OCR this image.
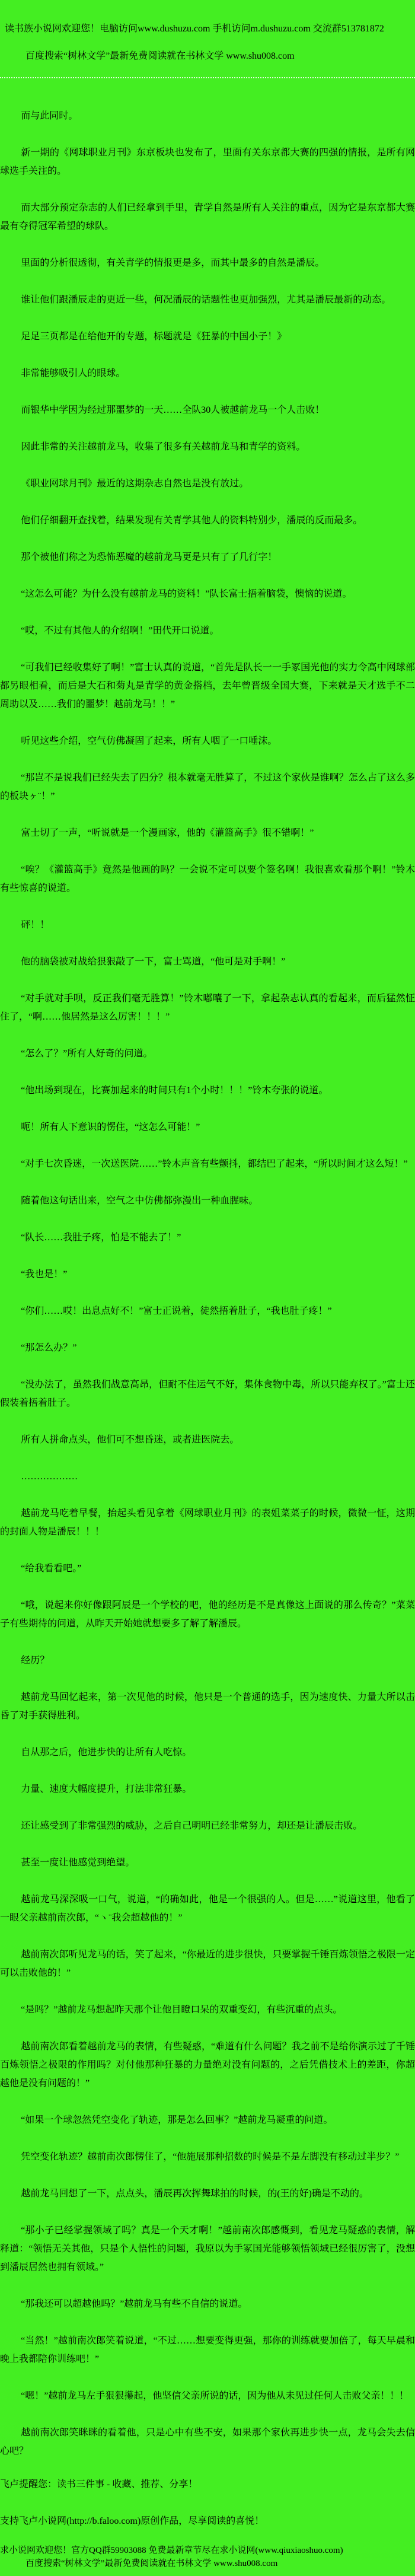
读书族小说网欢迎您！电脑访问www.dushuzu.com 手机访问m.dushuzu.com 交流群513781872
百度搜索“树林文学”最新免费阅读就在书林文学 www.shu008.com
而与此同时。
新一期的《网球职业月刊》东京板块也发布了，里面有关东京都大赛的四强的情报，是所有网球选手关注的。
而大部分预定杂志的人们已经拿到手里，青学自然是所有人关注的重点，因为它是东京都大赛最有夺得冠军希望的球队。
里面的分析很透彻，有关青学的情报更是多，而其中最多的自然是潘辰。
谁让他们跟潘辰走的更近一些，何况潘辰的话题性也更加强烈，尤其是潘辰最新的动态。
足足三页都是在给他开的专题，标题就是《狂暴的中国小子！》
非常能够吸引人的眼球。
而银华中学因为经过那噩梦的一天……全队30人被越前龙马一个人击败！
因此非常的关注越前龙马，收集了很多有关越前龙马和青学的资料。
《职业网球月刊》最近的这期杂志自然也是没有放过。
他们仔细翻开查找着，结果发现有关青学其他人的资料特别少，潘辰的反而最多。
那个被他们称之为恐怖恶魔的越前龙马更是只有了了几行字！
“这怎么可能？为什么没有越前龙马的资料！”队长富士捂着脑袋，懊恼的说道。
“哎，不过有其他人的介绍啊！”田代开口说道。
“可我们已经收集好了啊！”富士认真的说道，“首先是队长一一手冢国光他的实力令高中网球部都另眼相看，而后是大石和菊丸是青学的黄金搭档，去年曾晋级全国大赛，下来就是天才选手不二周助以及……我们的噩梦！越前龙马！！”
听见这些介绍，空气仿佛凝固了起来，所有人咽了一口唾沫。
“那岂不是说我们已经失去了四分？根本就毫无胜算了，不过这个家伙是谁啊？怎么占了这么多的板块ヶ¨！”
富士切了一声，“听说就是一个漫画家，他的《灌篮高手》很不错啊！”
“唉？《灌篮高手》竟然是他画的吗？一会说不定可以要个签名啊！我很喜欢看那个啊！”铃木有些惊喜的说道。
砰！！
他的脑袋被对战给狠狠敲了一下，富士骂道，“他可是对手啊！”
“对手就对手呗，反正我们毫无胜算！”铃木嘟囔了一下，拿起杂志认真的看起来，而后猛然怔住了，“啊……他居然是这么厉害！！！”
“怎么了？”所有人好奇的问道。
“他出场到现在，比赛加起来的时间只有1个小时！！！”铃木夸张的说道。
呃！所有人下意识的愣住，“这怎么可能！”
“对手七次昏迷，一次送医院……”铃木声音有些颤抖，都结巴了起来，“所以时间才这么短！”
随着他这句话出来，空气之中仿佛都弥漫出一种血腥味。
“队长……我肚子疼，怕是不能去了！”
“我也是！”
“你们……哎！出息点好不！”富士正说着，徒然捂着肚子，“我也肚子疼！”
“那怎么办？”
“没办法了，虽然我们战意高昂，但耐不住运气不好，集体食物中毒，所以只能弃权了。”富士还假装着捂着肚子。
所有人拼命点头，他们可不想昏迷，或者进医院去。
………………
越前龙马吃着早餐，抬起头看见拿着《网球职业月刊》的表姐菜菜子的时候，微微一怔，这期的封面人物是潘辰！！！
“给我看看吧。”
“哦，说起来你好像跟阿辰是一个学校的吧，他的经历是不是真像这上面说的那么传奇？”菜菜子有些期待的问道，从昨天开始她就想要多了解了解潘辰。
经历？
越前龙马回忆起来，第一次见他的时候，他只是一个普通的选手，因为速度快、力量大所以击昏了对手获得胜利。
自从那之后，他进步快的让所有人吃惊。
力量、速度大幅度提升，打法非常狂暴。
还让感受到了非常强烈的威胁，之后自己明明已经非常努力，却还是让潘辰击败。
甚至一度让他感觉到绝望。
越前龙马深深吸一口气，说道，“的确如此，他是一个很强的人。但是……”说道这里，他看了一眼父亲越前南次郎，“ヽ¨我会超越他的！”
越前南次郎听见龙马的话，笑了起来，“你最近的进步很快，只要掌握千锤百炼领悟之极限一定可以击败他的！”
“是吗？”越前龙马想起昨天那个让他目瞪口呆的双重变幻，有些沉重的点头。
越前南次郎看着越前龙马的表情，有些疑惑，“难道有什么问题？我之前不是给你演示过了千锤百炼领悟之极限的作用吗？对付他那种狂暴的力量绝对没有问题的，之后凭借技术上的差距，你超越他是没有问题的！”
“如果一个球忽然凭空变化了轨迹，那是怎么回事？”越前龙马凝重的问道。
凭空变化轨迹？越前南次郎愣住了，“他施展那种招数的时候是不是左脚没有移动过半步？”
越前龙马回想了一下，点点头，潘辰再次挥舞球拍的时候，的(王的好)确是不动的。
“那小子已经掌握领域了吗？真是一个天才啊！”越前南次郎感慨到，看见龙马疑惑的表情，解释道：“领悟无关其他，只是个人悟性的问题，我原以为手冢国光能够领悟领域已经很厉害了，没想到潘辰居然也拥有领域。”
“那我还可以超越他吗？”越前龙马有些不自信的说道。
“当然！”越前南次郎笑着说道，“不过……想要变得更强，那你的训练就要加倍了，每天早晨和晚上我都陪你训练吧！”
“嗯！”越前龙马左手狠狠攥起，他坚信父亲所说的话，因为他从未见过任何人击败父亲！！！
越前南次郎笑眯眯的看着他，只是心中有些不安，如果那个家伙再进步快一点，龙马会失去信心吧？
飞卢提醒您：读书三件事 - 收藏、推荐、分享！
支持飞卢小说网(http://b.faloo.com)原创作品，尽享阅读的喜悦！
求小说网欢迎您！官方QQ群59903088 免费最新章节尽在求小说网(www.qiuxiaoshuo.com)
百度搜索“树林文学”最新免费阅读就在书林文学 www.shu008.com
